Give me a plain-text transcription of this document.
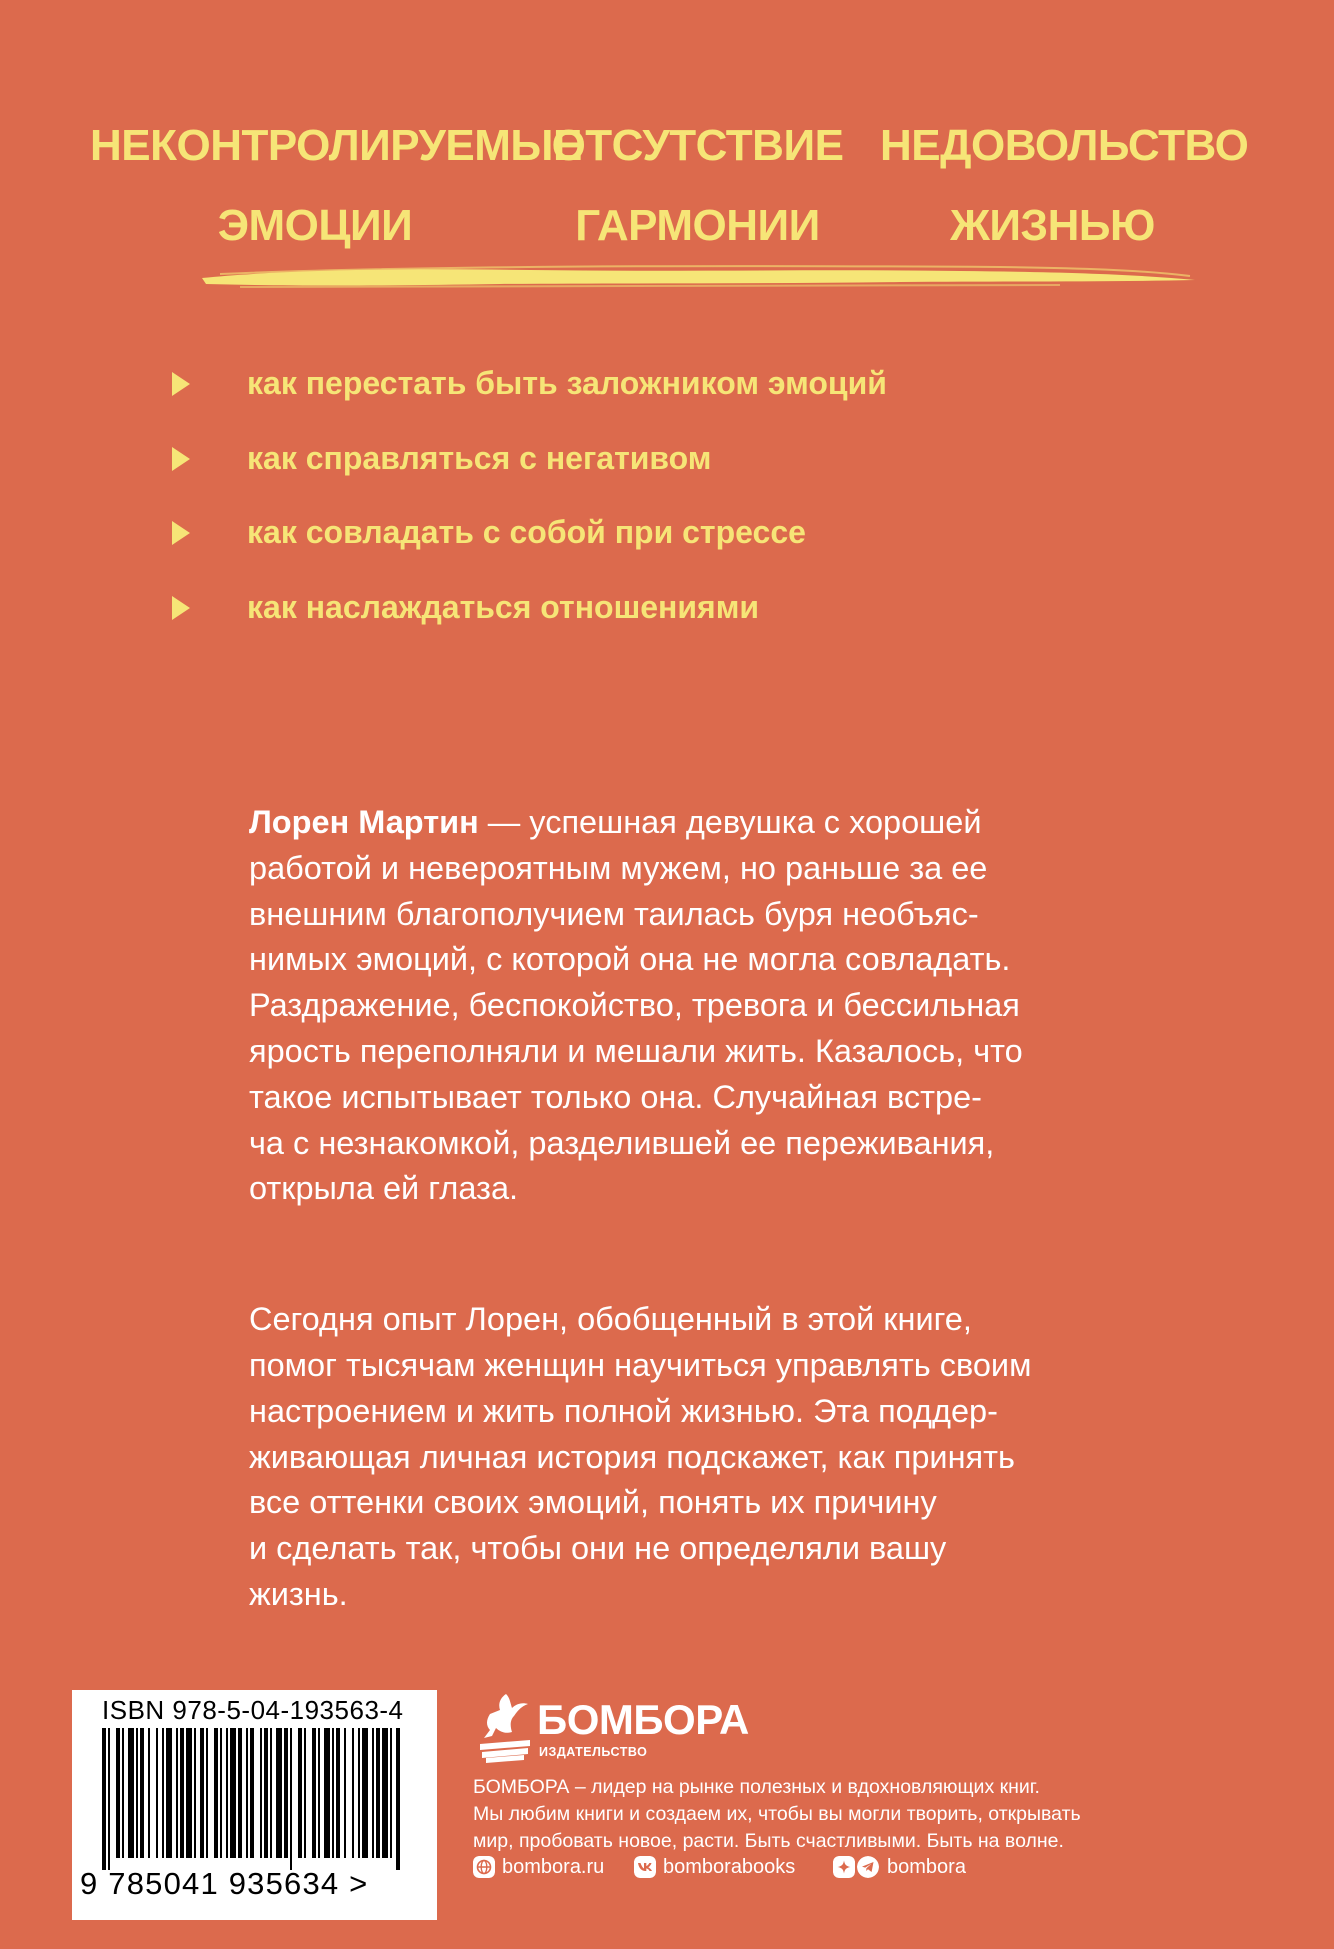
НЕКОНТРОЛИРУЕМЫЕ
ЭМОЦИИ
ОТСУТСТВИЕ
ГАРМОНИИ
НЕДОВОЛЬСТВО
ЖИЗНЬЮ
как перестать быть заложником эмоций
как справляться с негативом
как совладать с собой при стрессе
как наслаждаться отношениями

Лорен Мартин — успешная девушка с хорошей
работой и невероятным мужем, но раньше за ее
внешним благополучием таилась буря необъяс-
нимых эмоций, с которой она не могла совладать.
Раздражение, беспокойство, тревога и бессильная
ярость переполняли и мешали жить. Казалось, что
такое испытывает только она. Случайная встре-
ча с незнакомкой, разделившей ее переживания,
открыла ей глаза.

Сегодня опыт Лорен, обобщенный в этой книге,
помог тысячам женщин научиться управлять своим
настроением и жить полной жизнью. Эта поддер-
живающая личная история подскажет, как принять
все оттенки своих эмоций, понять их причину
и сделать так, чтобы они не определяли вашу
жизнь.

ISBN 978-5-04-193563-4
9 785041 935634 >
БОМБОРА
ИЗДАТЕЛЬСТВО
БОМБОРА – лидер на рынке полезных и вдохновляющих книг.
Мы любим книги и создаем их, чтобы вы могли творить, открывать
мир, пробовать новое, расти. Быть счастливыми. Быть на волне.
bombora.ru	bomborabooks	bombora
